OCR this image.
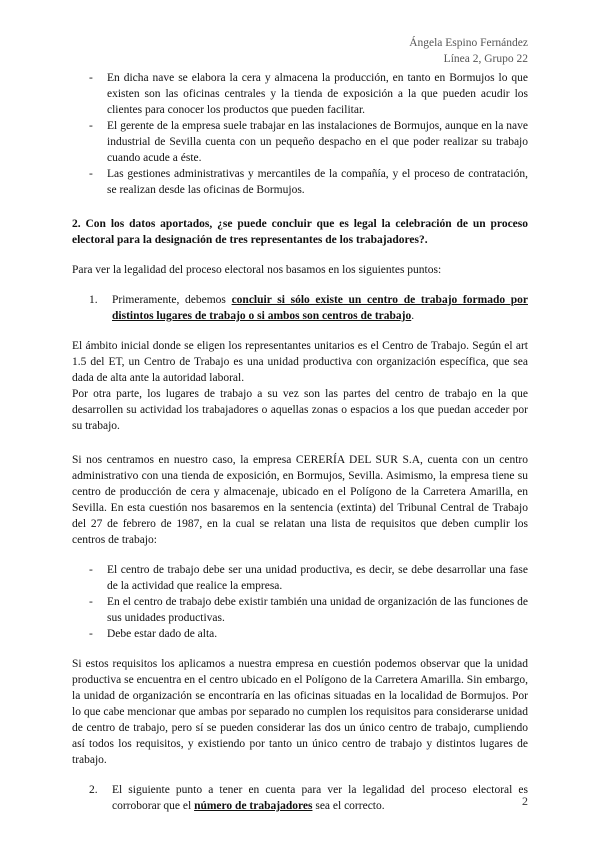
Ángela Espino Fernández
Línea 2, Grupo 22
- En dicha nave se elabora la cera y almacena la producción, en tanto en Bormujos lo que existen son las oficinas centrales y la tienda de exposición a la que pueden acudir los clientes para conocer los productos que pueden facilitar.
- El gerente de la empresa suele trabajar en las instalaciones de Bormujos, aunque en la nave industrial de Sevilla cuenta con un pequeño despacho en el que poder realizar su trabajo cuando acude a éste.
- Las gestiones administrativas y mercantiles de la compañía, y el proceso de contratación, se realizan desde las oficinas de Bormujos.

2. Con los datos aportados, ¿se puede concluir que es legal la celebración de un proceso electoral para la designación de tres representantes de los trabajadores?.

Para ver la legalidad del proceso electoral nos basamos en los siguientes puntos:

1. Primeramente, debemos concluir si sólo existe un centro de trabajo formado por distintos lugares de trabajo o si ambos son centros de trabajo.

El ámbito inicial donde se eligen los representantes unitarios es el Centro de Trabajo. Según el art 1.5 del ET, un Centro de Trabajo es una unidad productiva con organización específica, que sea dada de alta ante la autoridad laboral.

Por otra parte, los lugares de trabajo a su vez son las partes del centro de trabajo en la que desarrollen su actividad los trabajadores o aquellas zonas o espacios a los que puedan acceder por su trabajo.

Si nos centramos en nuestro caso, la empresa CERERÍA DEL SUR S.A, cuenta con un centro administrativo con una tienda de exposición, en Bormujos, Sevilla. Asimismo, la empresa tiene su centro de producción de cera y almacenaje, ubicado en el Polígono de la Carretera Amarilla, en Sevilla. En esta cuestión nos basaremos en la sentencia (extinta) del Tribunal Central de Trabajo del 27 de febrero de 1987, en la cual se relatan una lista de requisitos que deben cumplir los centros de trabajo:

- El centro de trabajo debe ser una unidad productiva, es decir, se debe desarrollar una fase de la actividad que realice la empresa.
- En el centro de trabajo debe existir también una unidad de organización de las funciones de sus unidades productivas.
- Debe estar dado de alta.

Si estos requisitos los aplicamos a nuestra empresa en cuestión podemos observar que la unidad productiva se encuentra en el centro ubicado en el Polígono de la Carretera Amarilla. Sin embargo, la unidad de organización se encontraría en las oficinas situadas en la localidad de Bormujos. Por lo que cabe mencionar que ambas por separado no cumplen los requisitos para considerarse unidad de centro de trabajo, pero sí se pueden considerar las dos un único centro de trabajo, cumpliendo así todos los requisitos, y existiendo por tanto un único centro de trabajo y distintos lugares de trabajo.

2. El siguiente punto a tener en cuenta para ver la legalidad del proceso electoral es corroborar que el número de trabajadores sea el correcto.	2
